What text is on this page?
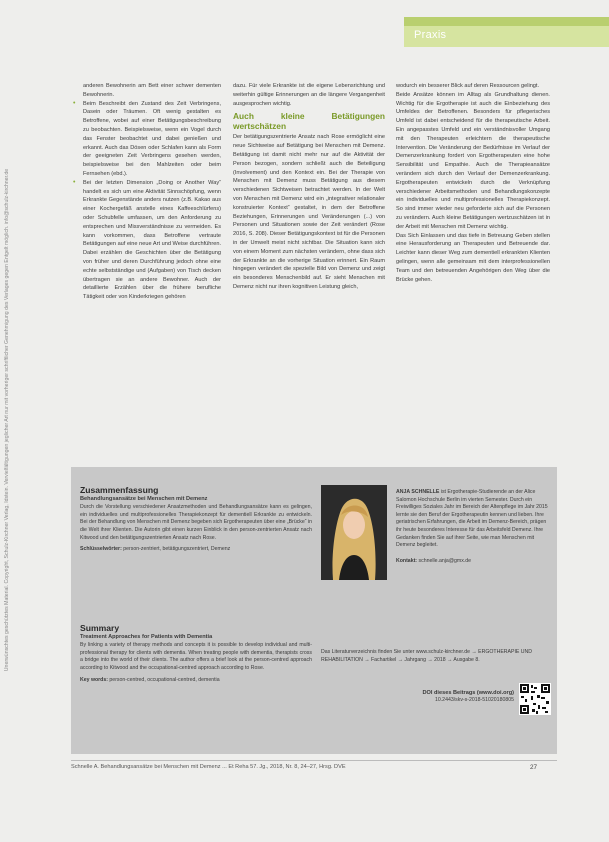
Unerwünschtes geschütztes Material. Copyright, Schulz-Kirchner Verlag, Idstein. Vervielfältigungen jeglicher Art nur mit vorheriger schriftlicher Genehmigung des Verlages gegen Entgelt möglich. info@schulz-kirchner.de
Praxis

anderen Bewohnerin am Bett einer schwer dementen Bewohnerin.

• Beim Beschreibt den Zustand des Zeit Verbringens, Dasein oder Träumen. Oft wenig gestalten es Betroffene, wobei auf einer Betätigungsbeschreibung zu beobachten. Beispielsweise, wenn ein Vogel durch das Fenster beobachtet und dabei genießen und erkannt. Auch das Dösen oder Schlafen kann als Form der geeigneten Zeit Verbringens gesehen werden, beispielsweise bei den Mahlzeiten oder beim Fernsehen (ebd.).
• Bei der letzten Dimension „Doing or Another Way“ handelt es sich um eine Aktivität Sinnschöpfung, wenn Erkrankte Gegenstände anders nutzen (z.B. Kakao aus einer Kochergefäß anstelle eines Kaffeeschlürfens) oder Schubfelle umfassen, um den Anforderung zu entsprechen und Missverständnisse zu vermeiden. Es kann vorkommen, dass Betroffene vertraute Betätigungen auf eine neue Art und Weise durchführen. Dabei erzählen die Geschichten über die Betätigung von früher und deren Durchführung jedoch ohne eine echte selbstständige und (Aufgaben) von Tisch decken übertragen sie an andere Bewohner. Auch der detaillierte Erzählen über die frühere berufliche Tätigkeit oder von Kinderkriegen gehören

dazu. Für viele Erkrankte ist die eigene Lebensrichtung und weiterhin gültige Erinnerungen an die längere Vergangenheit ausgesprochen wichtig.

Auch kleine Betätigungen wertschätzen

Der betätigungszentrierte Ansatz nach Rose ermöglicht eine neue Sichtweise auf Betätigung bei Menschen mit Demenz. Betätigung ist damit nicht mehr nur auf die Aktivität der Person bezogen, sondern schließt auch die Beteiligung (Involvement) und den Kontext ein. Bei der Therapie von Menschen mit Demenz muss Betätigung aus diesem verschiedenen Sichtweisen betrachtet werden. In der Welt von Menschen mit Demenz wird ein „integrativer relationaler konstruierter Kontext“ gestaltet, in dem der Betroffene Beziehungen, Erinnerungen und Veränderungen (...) von Personen und Situationen sowie der Zeit verändert (Rose 2016, S. 208). Dieser Betätigungskontext ist für die Personen in der Umwelt meist nicht sichtbar. Die Situation kann sich von einem Moment zum nächsten verändern, ohne dass sich der Erkrankte an die vorherige Situation erinnert. Ein Raum hingegen verändert die spezielle Bild von Demenz und zeigt ein besonderes Menschenbild auf. Er sieht Menschen mit Demenz nicht nur ihren kognitiven Leistung gleich,

wodurch ein besserer Blick auf deren Ressourcen gelingt.

Beide Ansätze können im Alltag als Grundhaltung dienen. Wichtig für die Ergotherapie ist auch die Einbeziehung des Umfeldes der Betroffenen. Besonders für pflegerisches Umfeld ist dabei entscheidend für die therapeutische Arbeit. Ein angepasstes Umfeld und ein verständnisvoller Umgang mit den Therapeuten erleichtern die therapeutische Intervention. Die Veränderung der Bedürfnisse im Verlauf der Demenzerkrankung fordert von Ergotherapeuten eine hohe Sensibilität und Empathie. Auch die Therapieansätze verändern sich durch den Verlauf der Demenzerkrankung. Ergotherapeuten entwickeln durch die Verknüpfung verschiedener Arbeitsmethoden und Behandlungskonzepte ein individuelles und multiprofessionelles Therapiekonzept. So sind immer wieder neu geforderte sich auf die Personen zu verändern. Auch kleine Betätigungen wertzuschätzen ist in der Arbeit mit Menschen mit Demenz wichtig.

Das Sich Einlassen und das tiefe in Betreuung Geben stellen eine Herausforderung an Therapeuten und Betreuende dar. Leichter kann dieser Weg zum dementiell erkrankten Klienten gelingen, wenn alle gemeinsam mit dem interprofessionellen Team und den betreuenden Angehörigen den Weg über die Brücke gehen.

Zusammenfassung

Behandlungsansätze bei Menschen mit Demenz

Durch die Vorstellung verschiedener Ansatzmethoden und Behandlungsansätze kann es gelingen, ein individuelles und multiprofessionelles Therapiekonzept für dementiell Erkrankte zu entwickeln. Bei der Behandlung von Menschen mit Demenz begeben sich Ergotherapeuten über eine „Brücke“ in die Welt ihrer Klienten. Die Autorin gibt einen kurzen Einblick in den person-zentrierten Ansatz nach Kitwood und den betätigungszentrierten Ansatz nach Rose.

Schlüsselwörter: person-zentriert, betätigungszentriert, Demenz

Summary

Treatment Approaches for Patients with Dementia

By linking a variety of therapy methods and concepts it is possible to develop individual and multi-professional therapy for clients with dementia. When treating people with dementia, therapists cross a bridge into the world of their clients. The author offers a brief look at the person-centred approach according to Kitwood and the occupational-centred approach according to Rose.

Key words: person-centred, occupational-centred, dementia

ANJA SCHNELLE ist Ergotherapie-Studierende an der Alice Salomon Hochschule Berlin im vierten Semester. Durch ein Freiwilliges Soziales Jahr im Bereich der Altenpflege im Jahr 2015 lernte sie den Beruf der Ergotherapeutin kennen und lieben. Ihre geriatrischen Erfahrungen, die Arbeit im Demenz-Bereich, prägen ihr heute besonderes Interesse für das Arbeitsfeld Demenz. Ihre Gedanken finden Sie auf ihrer Seite, wie man Menschen mit Demenz begleitet.

Kontakt: schnelle.anja@gmx.de

Das Literaturverzeichnis finden Sie unter www.schulz-kirchner.de → ERGOTHERAPIE UND REHABILITATION → Fachartikel → Jahrgang → 2018 → Ausgabe 8.
DOI dieses Beitrags (www.doi.org)
10.2443/skv-s-2018-51020180805
Schnelle A. Behandlungsansätze bei Menschen mit Demenz ... Et Reha 57. Jg., 2018, Nr. 8, 24–27, Hrsg. DVE	27
